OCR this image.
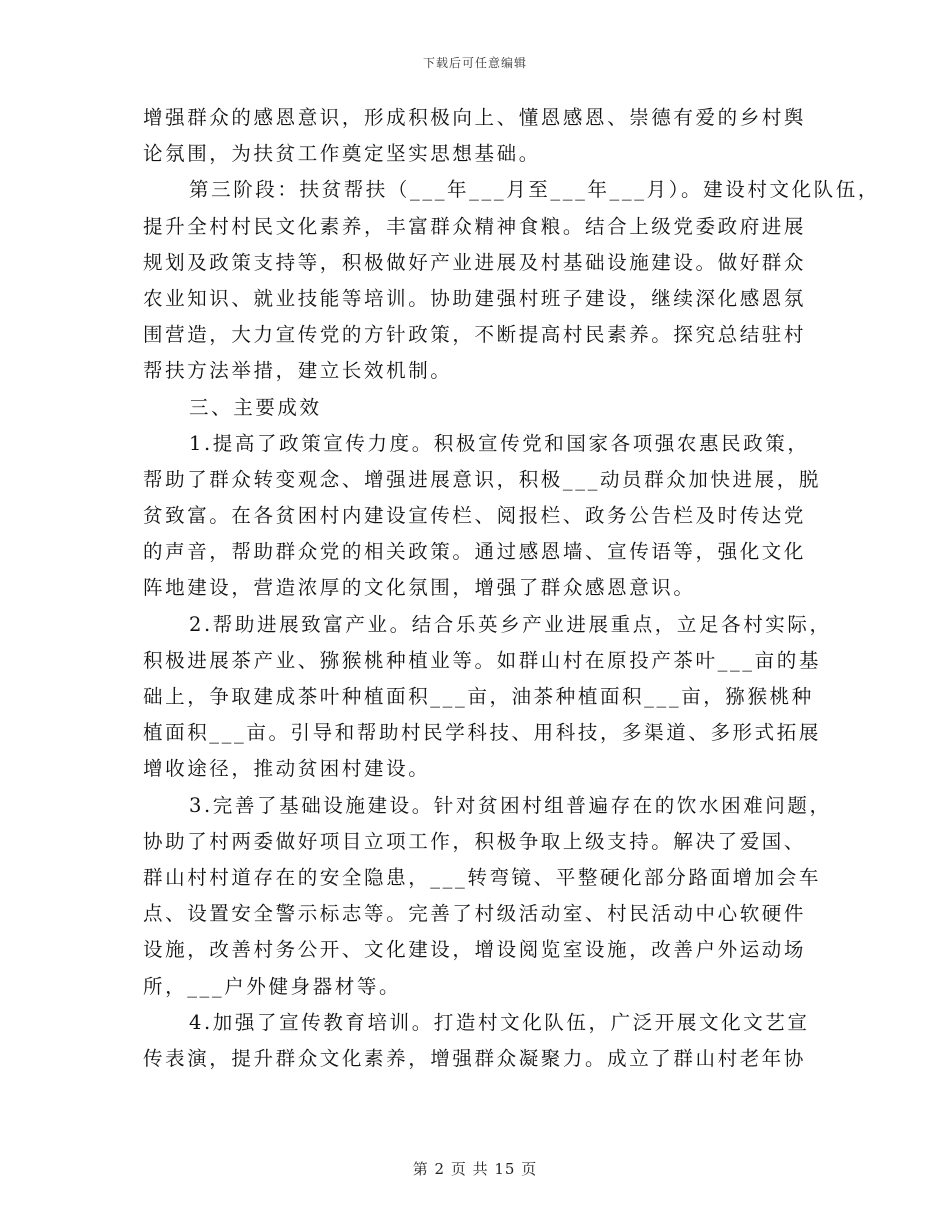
下载后可任意编辑
增强群众的感恩意识，形成积极向上、懂恩感恩、崇德有爱的乡村舆
论氛围，为扶贫工作奠定坚实思想基础。
第三阶段：扶贫帮扶（___年___月至___年___月）。建设村文化队伍，
提升全村村民文化素养，丰富群众精神食粮。结合上级党委政府进展
规划及政策支持等，积极做好产业进展及村基础设施建设。做好群众
农业知识、就业技能等培训。协助建强村班子建设，继续深化感恩氛
围营造，大力宣传党的方针政策，不断提高村民素养。探究总结驻村
帮扶方法举措，建立长效机制。
三、主要成效
1.提高了政策宣传力度。积极宣传党和国家各项强农惠民政策，
帮助了群众转变观念、增强进展意识，积极___动员群众加快进展，脱
贫致富。在各贫困村内建设宣传栏、阅报栏、政务公告栏及时传达党
的声音，帮助群众党的相关政策。通过感恩墙、宣传语等，强化文化
阵地建设，营造浓厚的文化氛围，增强了群众感恩意识。
2.帮助进展致富产业。结合乐英乡产业进展重点，立足各村实际，
积极进展茶产业、猕猴桃种植业等。如群山村在原投产茶叶___亩的基
础上，争取建成茶叶种植面积___亩，油茶种植面积___亩，猕猴桃种
植面积___亩。引导和帮助村民学科技、用科技，多渠道、多形式拓展
增收途径，推动贫困村建设。
3.完善了基础设施建设。针对贫困村组普遍存在的饮水困难问题，
协助了村两委做好项目立项工作，积极争取上级支持。解决了爱国、
群山村村道存在的安全隐患，___转弯镜、平整硬化部分路面增加会车
点、设置安全警示标志等。完善了村级活动室、村民活动中心软硬件
设施，改善村务公开、文化建设，增设阅览室设施，改善户外运动场
所，___户外健身器材等。
4.加强了宣传教育培训。打造村文化队伍，广泛开展文化文艺宣
传表演，提升群众文化素养，增强群众凝聚力。成立了群山村老年协
第 2 页 共 15 页
